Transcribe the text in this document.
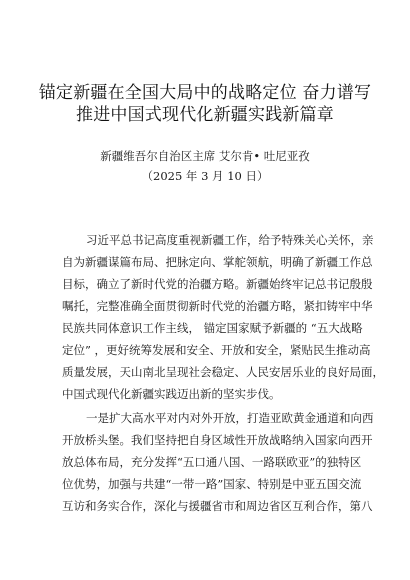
锚定新疆在全国大局中的战略定位 奋力谱写
推进中国式现代化新疆实践新篇章
新疆维吾尔自治区主席 艾尔肯• 吐尼亚孜
（2025 年 3 月 10 日）
习近平总书记高度重视新疆工作，给予特殊关心关怀，亲
自为新疆谋篇布局、把脉定向、掌舵领航，明确了新疆工作总
目标，确立了新时代党的治疆方略。新疆始终牢记总书记殷殷
嘱托，完整准确全面贯彻新时代党的治疆方略，紧扣铸牢中华
民族共同体意识工作主线， 锚定国家赋予新疆的 “五大战略
定位” ，更好统筹发展和安全、开放和安全，紧贴民生推动高
质量发展，天山南北呈现社会稳定、人民安居乐业的良好局面，
中国式现代化新疆实践迈出新的坚实步伐。
一是扩大高水平对内对外开放，打造亚欧黄金通道和向西
开放桥头堡。我们坚持把自身区域性开放战略纳入国家向西开
放总体布局，充分发挥“五口通八国、一路联欧亚”的独特区
位优势，加强与共建“一带一路”国家、特别是中亚五国交流
互访和务实合作，深化与援疆省市和周边省区互利合作，第八
